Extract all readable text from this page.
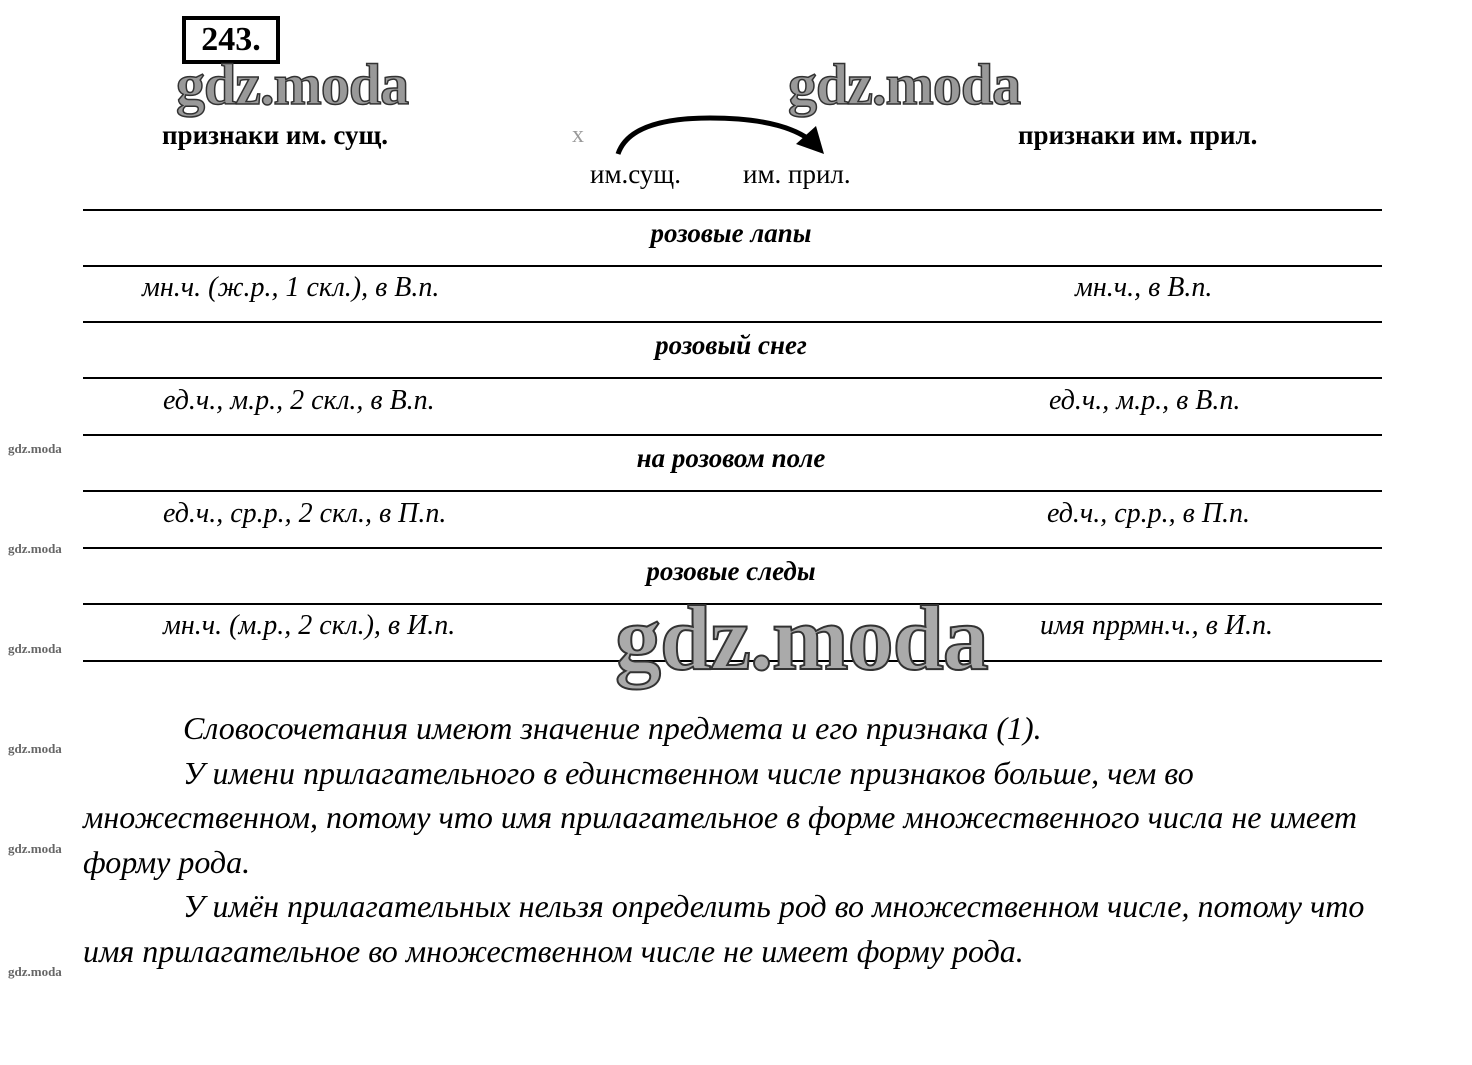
243.
gdz.moda	gdz.moda
признаки им. сущ.	признаки им. прил.
x
им.сущ. им. прил.
розовые лапы
мн.ч. (ж.р., 1 скл.), в В.п.	мн.ч., в В.п.
розовый снег
ед.ч., м.р., 2 скл., в В.п.	ед.ч., м.р., в В.п.
на розовом поле
ед.ч., ср.р., 2 скл., в П.п.	ед.ч., ср.р., в П.п.
розовые следы
мн.ч. (м.р., 2 скл.), в И.п.	имя пррмн.ч., в И.п.
gdz.moda
gdz.moda
gdz.moda
gdz.moda
gdz.moda
gdz.moda
gdz.moda

Словосочетания имеют значение предмета и его признака (1).

У имени прилагательного в единственном числе признаков больше, чем во множественном, потому что имя прилагательное в форме множественного числа не имеет форму рода.

У имён прилагательных нельзя определить род во множественном числе, потому что имя прилагательное во множественном числе не имеет форму рода.
